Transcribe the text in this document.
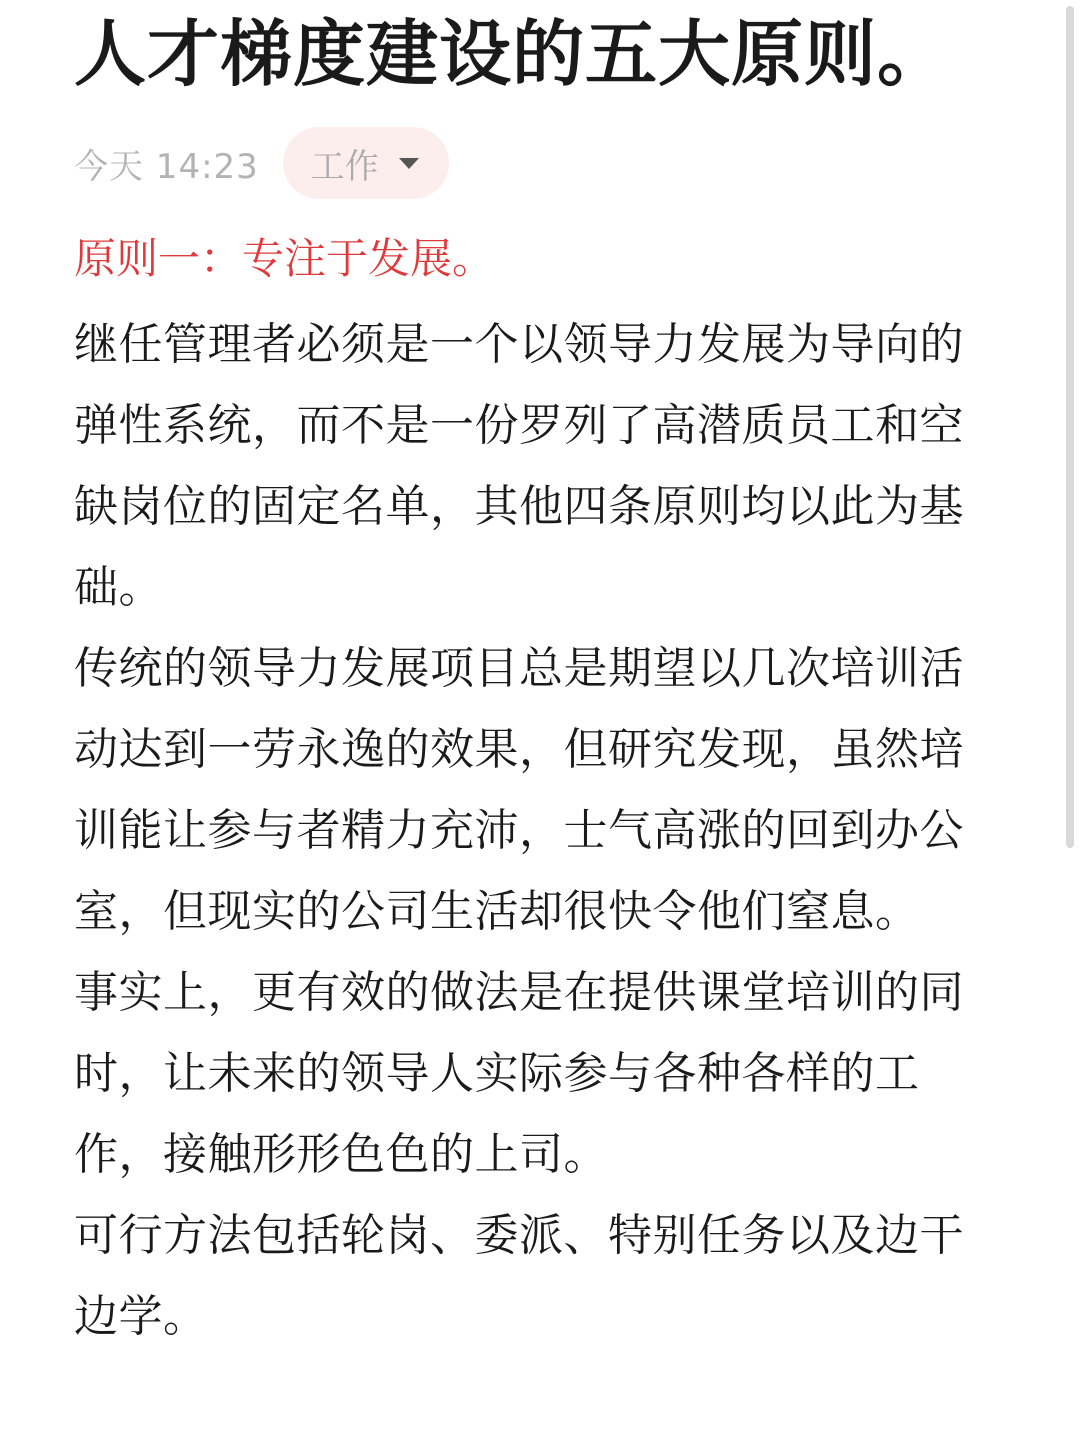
人才梯度建设的五大原则。
今天 14:23 工作
原则一：专注于发展。

继任管理者必须是一个以领导力发展为导向的弹性系统，而不是一份罗列了高潜质员工和空缺岗位的固定名单，其他四条原则均以此为基础。

传统的领导力发展项目总是期望以几次培训活动达到一劳永逸的效果，但研究发现，虽然培训能让参与者精力充沛，士气高涨的回到办公室，但现实的公司生活却很快令他们窒息。

事实上，更有效的做法是在提供课堂培训的同时，让未来的领导人实际参与各种各样的工作，接触形形色色的上司。

可行方法包括轮岗、委派、特别任务以及边干边学。
